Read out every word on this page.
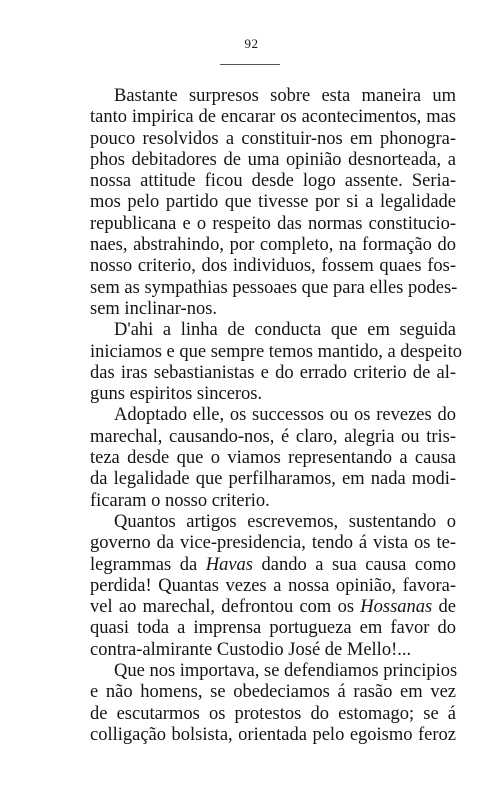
92
Bastante surpresos sobre esta maneira um
tanto impirica de encarar os acontecimentos, mas
pouco resolvidos a constituir-nos em phonogra-
phos debitadores de uma opinião desnorteada, a
nossa attitude ficou desde logo assente. Seria-
mos pelo partido que tivesse por si a legalidade
republicana e o respeito das normas constitucio-
naes, abstrahindo, por completo, na formação do
nosso criterio, dos individuos, fossem quaes fos-
sem as sympathias pessoaes que para elles podes-
sem inclinar-nos.
D'ahi a linha de conducta que em seguida
iniciamos e que sempre temos mantido, a despeito
das iras sebastianistas e do errado criterio de al-
guns espiritos sinceros.
Adoptado elle, os successos ou os revezes do
marechal, causando-nos, é claro, alegria ou tris-
teza desde que o viamos representando a causa
da legalidade que perfilharamos, em nada modi-
ficaram o nosso criterio.
Quantos artigos escrevemos, sustentando o
governo da vice-presidencia, tendo á vista os te-
legrammas da Havas dando a sua causa como
perdida! Quantas vezes a nossa opinião, favora-
vel ao marechal, defrontou com os Hossanas de
quasi toda a imprensa portugueza em favor do
contra-almirante Custodio José de Mello!...
Que nos importava, se defendiamos principios
e não homens, se obedeciamos á rasão em vez
de escutarmos os protestos do estomago; se á
colligação bolsista, orientada pelo egoismo feroz
